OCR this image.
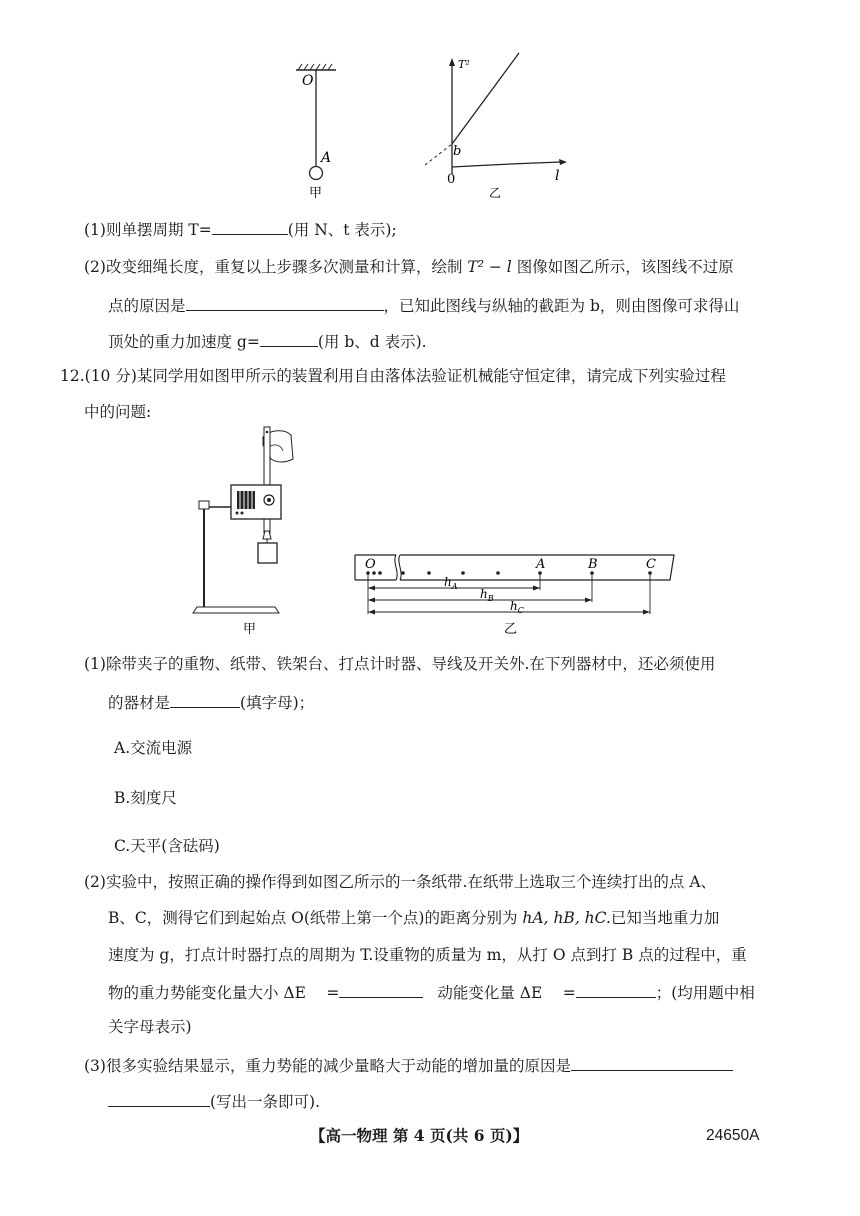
O
A
甲
T²
b
0	l
乙
(1)则单摆周期 T=	(用 N、t 表示);
(2)改变细绳长度，重复以上步骤多次测量和计算，绘制 T² − l 图像如图乙所示，该图线不过原
点的原因是	，已知此图线与纵轴的截距为 b，则由图像可求得山
顶处的重力加速度 g=	(用 b、d 表示).
12.(10 分)某同学用如图甲所示的装置利用自由落体法验证机械能守恒定律，请完成下列实验过程
中的问题:
甲
O	A	B	C
$h_A$
$h_B$
$h_C$
乙
(1)除带夹子的重物、纸带、铁架台、打点计时器、导线及开关外.在下列器材中，还必须使用
的器材是	(填字母)；
A.交流电源
B.刻度尺
C.天平(含砝码)
(2)实验中，按照正确的操作得到如图乙所示的一条纸带.在纸带上选取三个连续打出的点 A、
B、C，测得它们到起始点 O(纸带上第一个点)的距离分别为 hA, hB, hC.已知当地重力加
速度为 g，打点计时器打点的周期为 T.设重物的质量为 m，从打 O 点到打 B 点的过程中，重
物的重力势能变化量大小 ΔE　 =	动能变化量 ΔE　 =	；(均用题中相
关字母表示)
(3)很多实验结果显示，重力势能的减少量略大于动能的增加量的原因是
(写出一条即可).
【高一物理 第 4 页(共 6 页)】	24650A
